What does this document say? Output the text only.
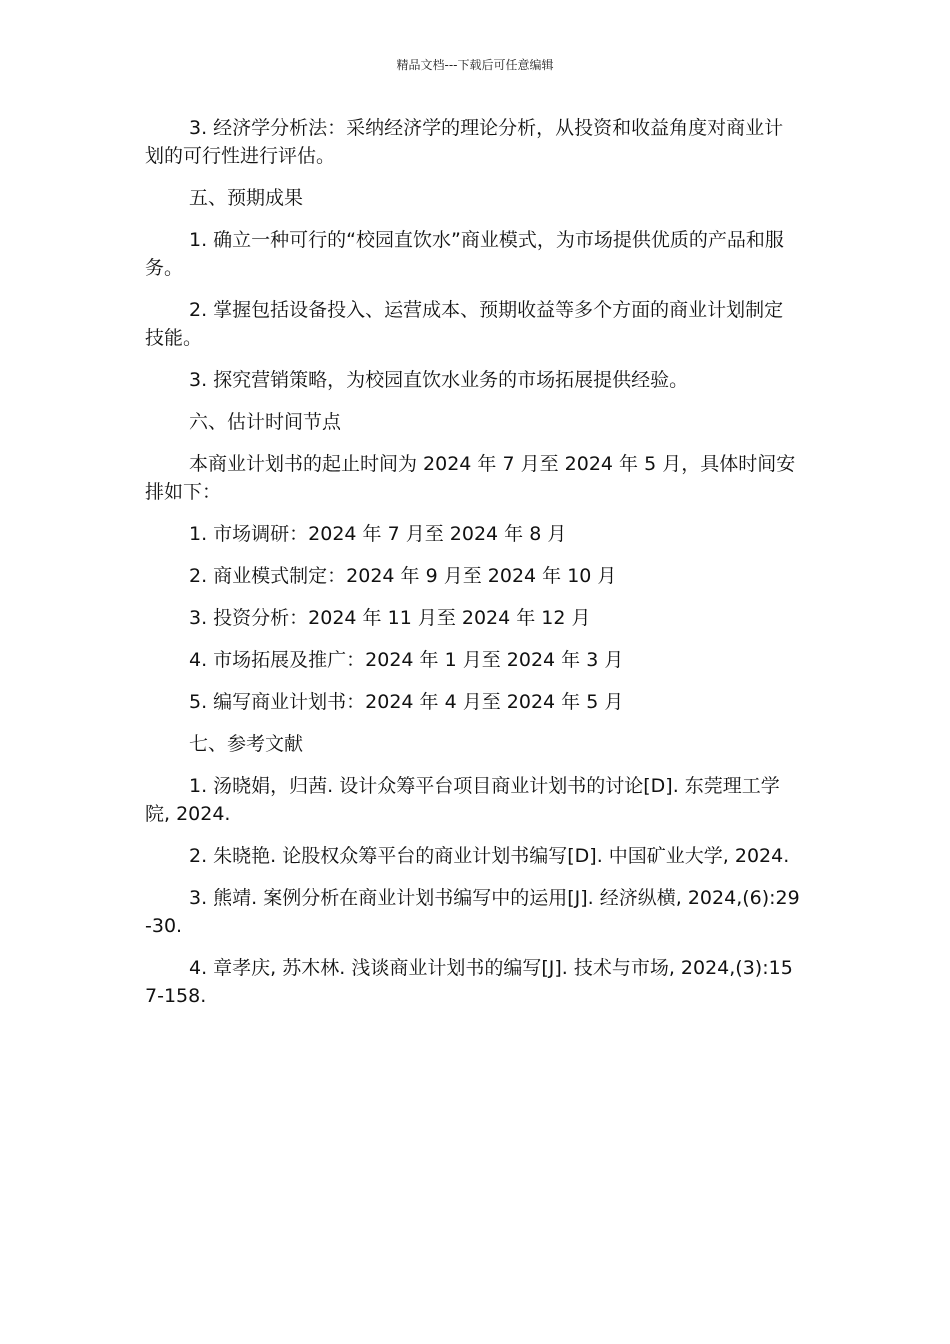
精品文档---下载后可任意编辑

3. 经济学分析法：采纳经济学的理论分析，从投资和收益角度对商业计划的可行性进行评估。

五、预期成果

1. 确立一种可行的“校园直饮水”商业模式，为市场提供优质的产品和服务。

2. 掌握包括设备投入、运营成本、预期收益等多个方面的商业计划制定技能。

3. 探究营销策略，为校园直饮水业务的市场拓展提供经验。

六、估计时间节点

本商业计划书的起止时间为 2024 年 7 月至 2024 年 5 月，具体时间安排如下：

1. 市场调研：2024 年 7 月至 2024 年 8 月

2. 商业模式制定：2024 年 9 月至 2024 年 10 月

3. 投资分析：2024 年 11 月至 2024 年 12 月

4. 市场拓展及推广：2024 年 1 月至 2024 年 3 月

5. 编写商业计划书：2024 年 4 月至 2024 年 5 月

七、参考文献

1. 汤晓娟，归茜. 设计众筹平台项目商业计划书的讨论[D]. 东莞理工学院, 2024.

2. 朱晓艳. 论股权众筹平台的商业计划书编写[D]. 中国矿业大学, 2024.

3. 熊靖. 案例分析在商业计划书编写中的运用[J]. 经济纵横, 2024,(6):29-30.

4. 章孝庆, 苏木林. 浅谈商业计划书的编写[J]. 技术与市场, 2024,(3):157-158.
